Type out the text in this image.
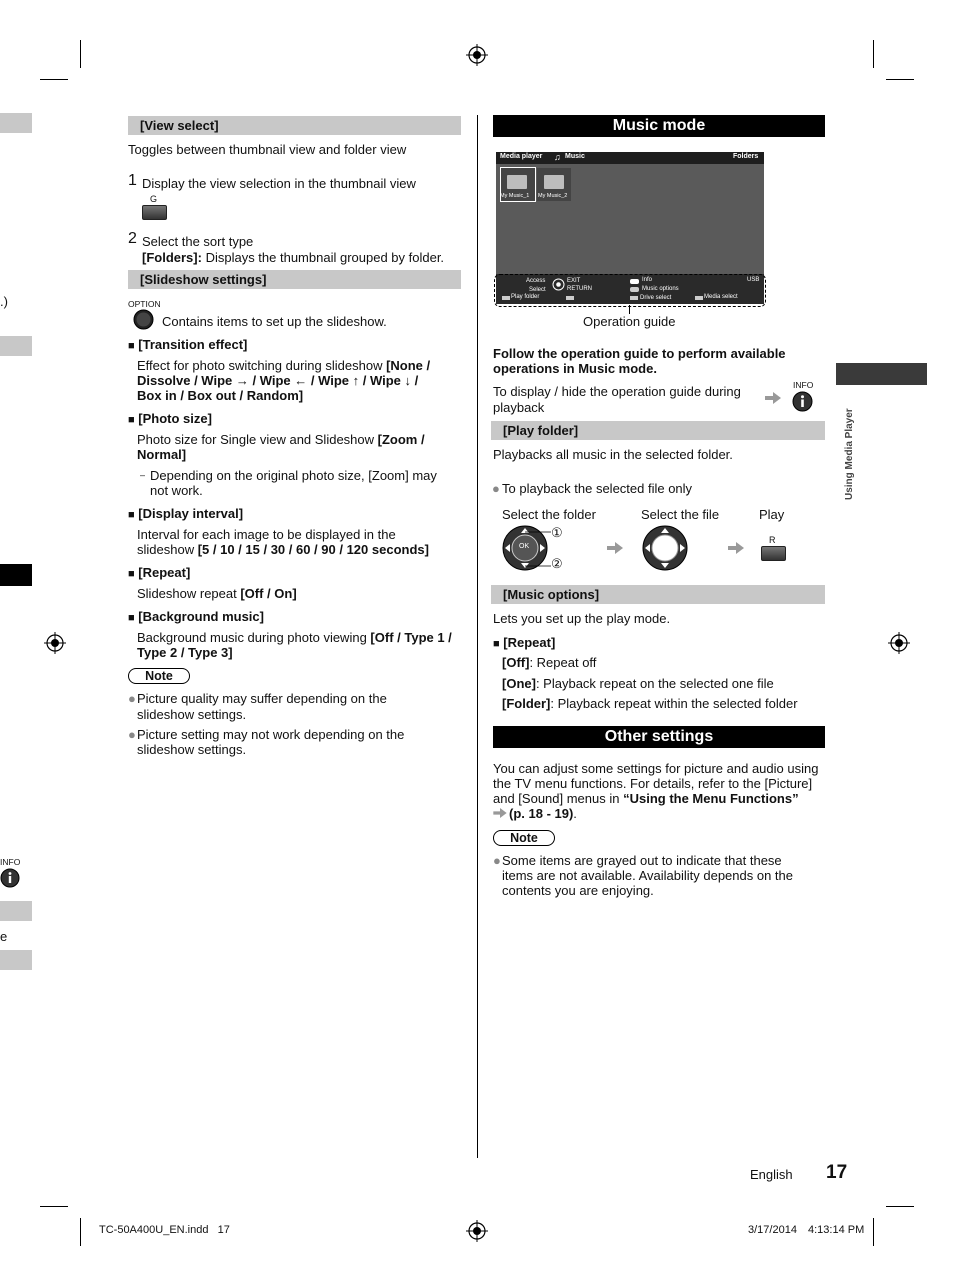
.)
INFO
e
[View select]
Toggles between thumbnail view and folder view
1 Display the view selection in the thumbnail view
G
2 Select the sort type
[Folders]: Displays the thumbnail grouped by folder.
[Slideshow settings]
OPTION
Contains items to set up the slideshow.
■ [Transition effect]
Effect for photo switching during slideshow [None /
Dissolve / Wipe → / Wipe ← / Wipe ↑ / Wipe ↓ /
Box in / Box out / Random]
■ [Photo size]
Photo size for Single view and Slideshow [Zoom /
Normal]
– Depending on the original photo size, [Zoom] may
not work.
■ [Display interval]
Interval for each image to be displayed in the
slideshow [5 / 10 / 15 / 30 / 60 / 90 / 120 seconds]
■ [Repeat]
Slideshow repeat [Off / On]
■ [Background music]
Background music during photo viewing [Off / Type 1 /
Type 2 / Type 3]
Note
● Picture quality may suffer depending on the
slideshow settings.
● Picture setting may not work depending on the
slideshow settings.
Music mode
Media player ♫ Music	Folders
My Music_1 My Music_2
Access
Select
EXIT
RETURN
Info
Music options
USB
Play folder	Drive select	Media select
Operation guide
Follow the operation guide to perform available
operations in Music mode.
To display / hide the operation guide during
playback
INFO
[Play folder]
Playbacks all music in the selected folder.
● To playback the selected file only
Select the folder	Select the file	Play
OK
①
②
R
[Music options]
Lets you set up the play mode.
■ [Repeat]
[Off]: Repeat off
[One]: Playback repeat on the selected one file
[Folder]: Playback repeat within the selected folder
Other settings
You can adjust some settings for picture and audio using
the TV menu functions. For details, refer to the [Picture]
and [Sound] menus in “Using the Menu Functions”
(p. 18 - 19).
Note
● Some items are grayed out to indicate that these
items are not available. Availability depends on the
contents you are enjoying.
Using Media Player
English 17
TC-50A400U_EN.indd   17	3/17/2014 4:13:14 PM
